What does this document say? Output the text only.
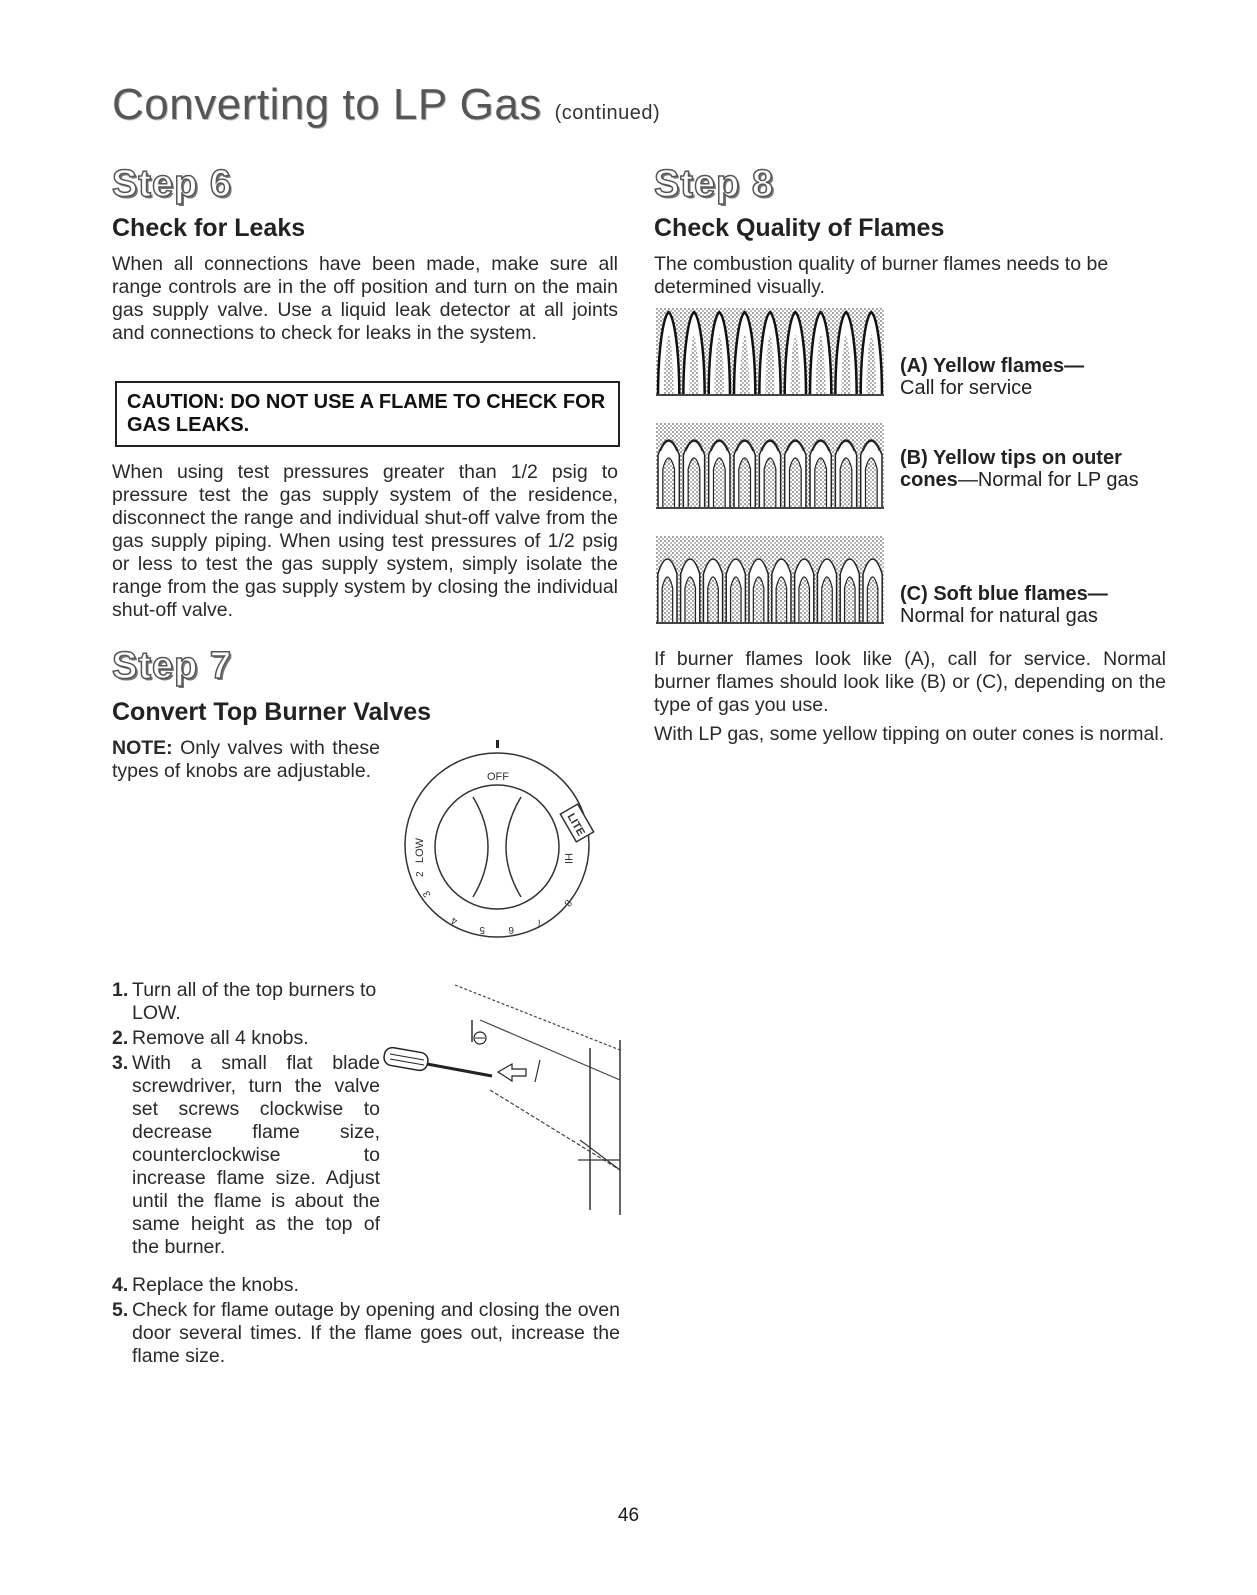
Converting to LP Gas (continued)
Step 6
Check for Leaks
When all connections have been made, make sure all range controls are in the off position and turn on the main gas supply valve. Use a liquid leak detector at all joints and connections to check for leaks in the system.
CAUTION: DO NOT USE A FLAME TO CHECK FOR GAS LEAKS.
When using test pressures greater than 1/2 psig to pressure test the gas supply system of the residence, disconnect the range and individual shut-off valve from the gas supply piping. When using test pressures of 1/2 psig or less to test the gas supply system, simply isolate the range from the gas supply system by closing the individual shut-off valve.
Step 7
Convert Top Burner Valves
NOTE: Only valves with these types of knobs are adjustable.	OFF
LITE
HI
LOW
2
3
4
5 6
7
8
1. Turn all of the top burners to LOW.
2. Remove all 4 knobs.
3. With a small flat blade screwdriver, turn the valve set screws clockwise to decrease flame size, counterclockwise to increase flame size. Adjust until the flame is about the same height as the top of the burner.
4. Replace the knobs.
5. Check for flame outage by opening and closing the oven door several times. If the flame goes out, increase the flame size.
Step 8
Check Quality of Flames
The combustion quality of burner flames needs to be determined visually.
(A) Yellow flames—
Call for service
(B) Yellow tips on outer cones—Normal for LP gas
(C) Soft blue flames—
Normal for natural gas
If burner flames look like (A), call for service. Normal burner flames should look like (B) or (C), depending on the type of gas you use.
With LP gas, some yellow tipping on outer cones is normal.
46
